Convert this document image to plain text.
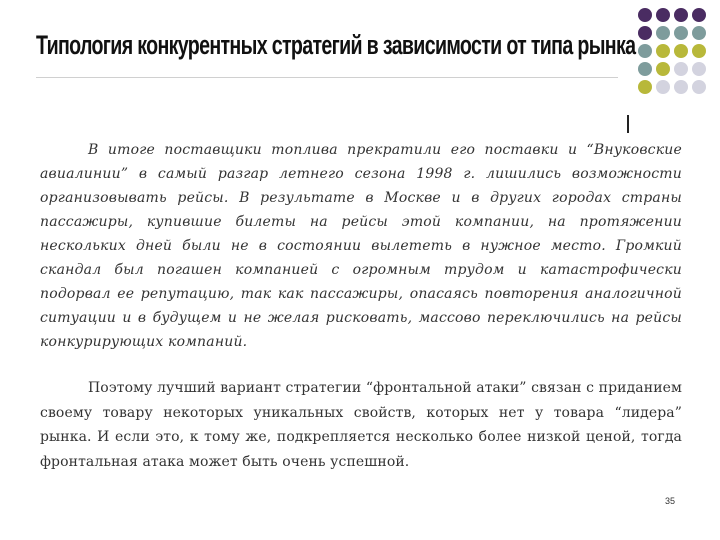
Типология конкурентных стратегий в зависимости от типа рынка
В итоге поставщики топлива прекратили его поставки и “Внуковские авиалинии” в самый разгар летнего сезона 1998 г. лишились возможности организовывать рейсы. В результате в Москве и в других городах страны пассажиры, купившие билеты на рейсы этой компании, на протяжении нескольких дней были не в состоянии вылететь в нужное место. Громкий скандал был погашен компанией с огромным трудом и катастрофически подорвал ее репутацию, так как пассажиры, опасаясь повторения аналогичной ситуации и в будущем и не желая рисковать, массово переключились на рейсы конкурирующих компаний.
Поэтому лучший вариант стратегии “фронтальной атаки” связан с приданием своему товару некоторых уникальных свойств, которых нет у товара “лидера” рынка. И если это, к тому же, подкрепляется несколько более низкой ценой, тогда фронтальная атака может быть очень успешной.
35
